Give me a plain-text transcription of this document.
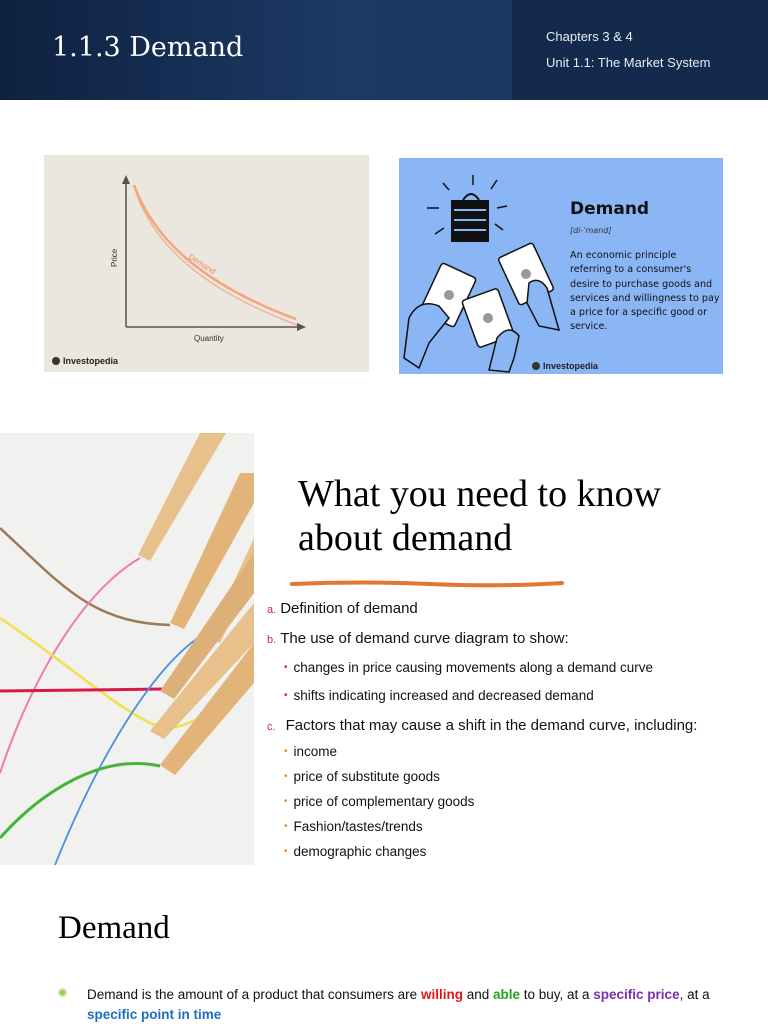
1.1.3 Demand	Chapters 3 & 4
Unit 1.1: The Market System
Demand
Price
Quantity
Investopedia
Demand
[di-ˈmand]
An economic principle referring to a consumer's desire to purchase goods and services and willingness to pay a price for a specific good or service.
Investopedia
What you need to know about demand
a. Definition of demand
b. The use of demand curve diagram to show:
• changes in price causing movements along a demand curve
• shifts indicating increased and decreased demand
c. Factors that may cause a shift in the demand curve, including:
• income
• price of substitute goods
• price of complementary goods
• Fashion/tastes/trends
• demographic changes
Demand
Demand is the amount of a product that consumers are willing and able to buy, at a specific price, at a specific point in time
